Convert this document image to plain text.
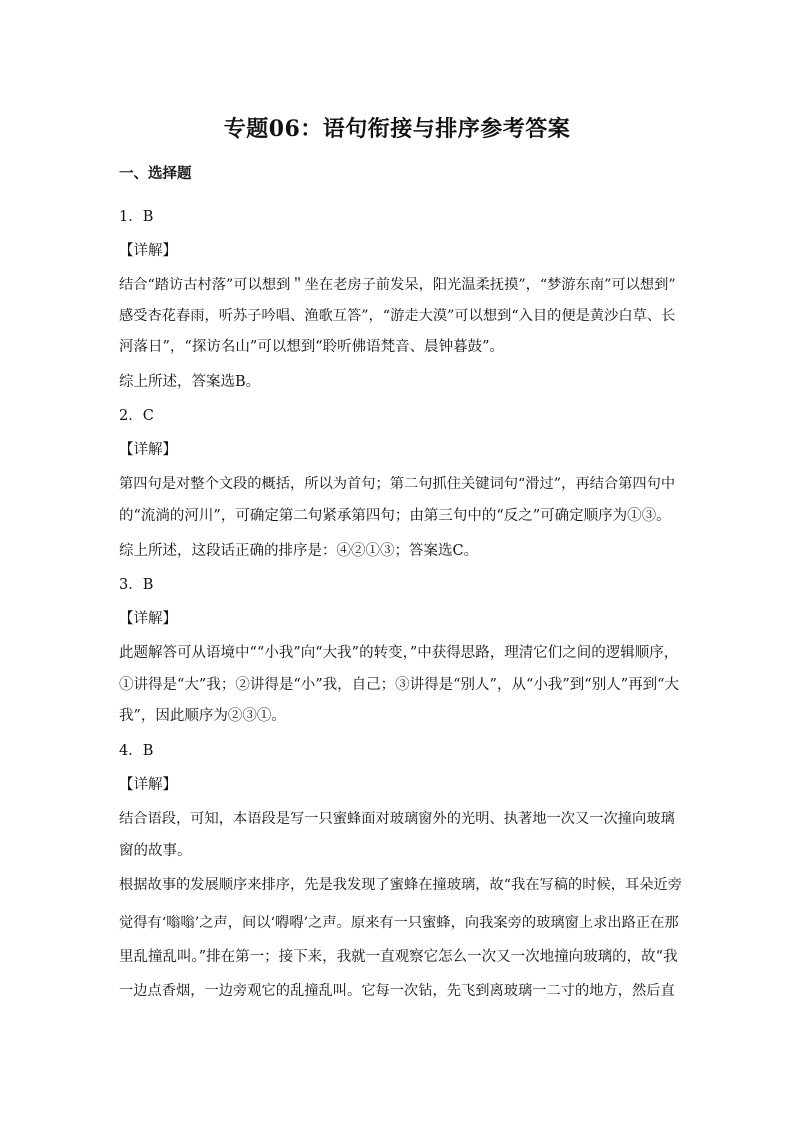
专题06：语句衔接与排序参考答案
一、选择题
1．B
【详解】
结合“踏访古村落”可以想到＂坐在老房子前发呆，阳光温柔抚摸”，“梦游东南”可以想到”
感受杏花春雨，听苏子吟唱、渔歌互答”，“游走大漠”可以想到“入目的便是黄沙白草、长
河落日”，“探访名山”可以想到“聆听佛语梵音、晨钟暮鼓”。
综上所述，答案选B。
2．C
【详解】
第四句是对整个文段的概括，所以为首句；第二句抓住关键词句“滑过”，再结合第四句中
的“流淌的河川”，可确定第二句紧承第四句；由第三句中的“反之”可确定顺序为①③。
综上所述，这段话正确的排序是：④②①③；答案选C。
3．B
【详解】
此题解答可从语境中““小我”向“大我”的转变，”中获得思路，理清它们之间的逻辑顺序，
①讲得是“大”我；②讲得是“小”我，自己；③讲得是“别人”，从“小我”到“别人”再到“大
我”，因此顺序为②③①。
4．B
【详解】
结合语段，可知，本语段是写一只蜜蜂面对玻璃窗外的光明、执著地一次又一次撞向玻璃
窗的故事。
根据故事的发展顺序来排序，先是我发现了蜜蜂在撞玻璃，故“我在写稿的时候，耳朵近旁
觉得有‘嗡嗡’之声，间以‘嘚嘚’之声。原来有一只蜜蜂，向我案旁的玻璃窗上求出路正在那
里乱撞乱叫。”排在第一；接下来，我就一直观察它怎么一次又一次地撞向玻璃的，故“我
一边点香烟，一边旁观它的乱撞乱叫。它每一次钻，先飞到离玻璃一二寸的地方，然后直
